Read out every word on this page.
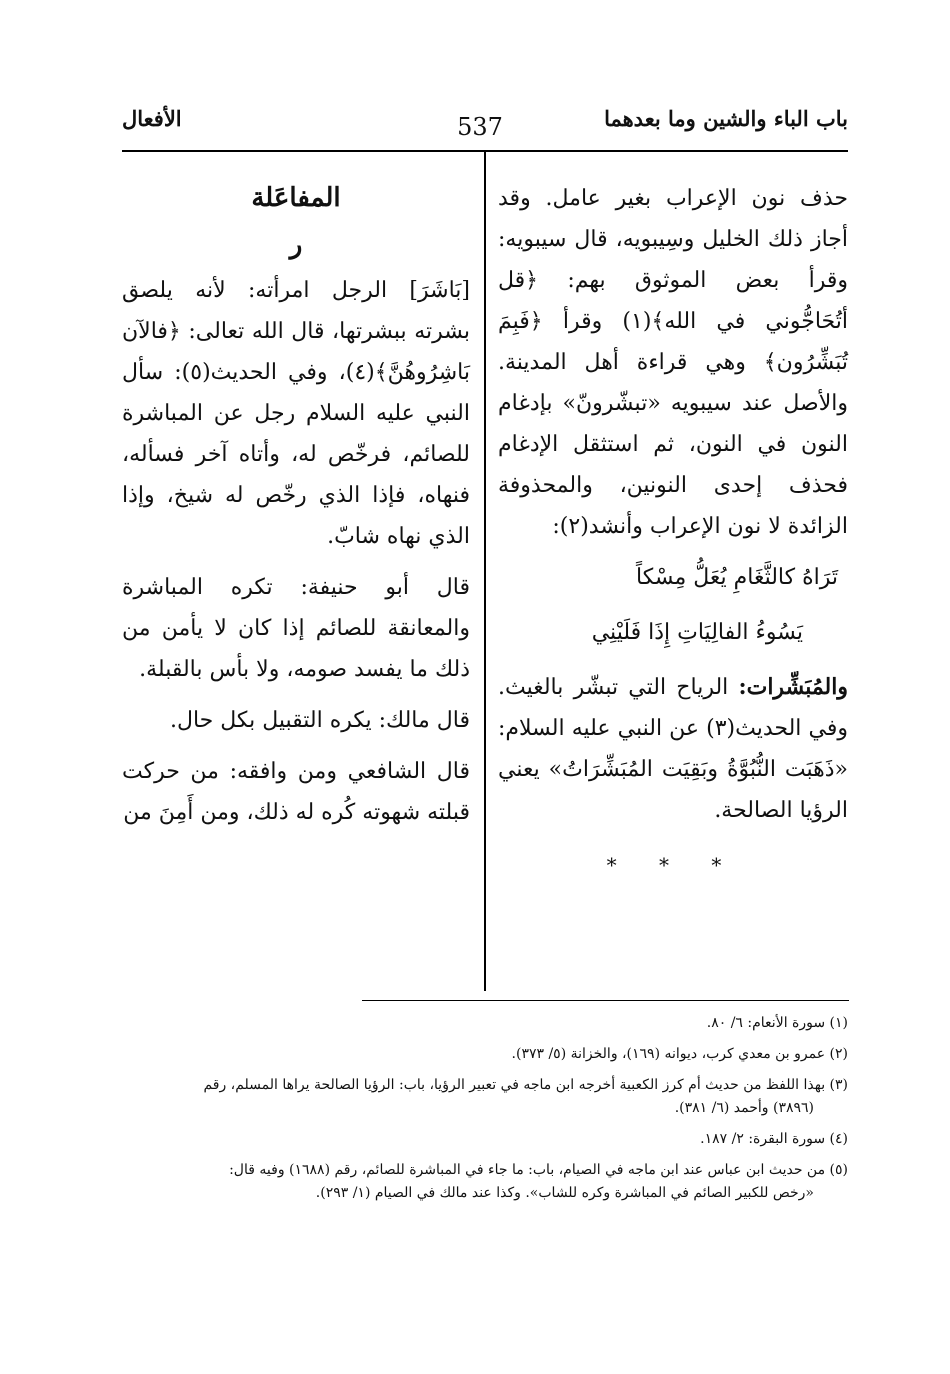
باب الباء والشين وما بعدهما
537
الأفعال

حذف نون الإعراب بغير عامل. وقد أجاز ذلك الخليل وسِيبويه، قال سيبويه: وقرأ بعض الموثوق بهم: ﴿قل أتُحَاجُّوني في الله﴾(١) وقرأ ﴿فَبِمَ تُبَشِّرُون﴾ وهي قراءة أهل المدينة. والأصل عند سيبويه «تبشّرونّ» بإدغام النون في النون، ثم استثقل الإدغام فحذف إحدى النونين، والمحذوفة الزائدة لا نون الإعراب وأنشد(٢):

تَرَاهُ كالثَّغَامِ يُعَلُّ مِسْكاً
يَسُوءُ الفالِيَاتِ إِذَا فَلَيْنِي

والمُبَشِّرات: الرياح التي تبشّر بالغيث. وفي الحديث(٣) عن النبي عليه السلام: «ذَهَبَت النُّبُوَّةُ وبَقِيَت المُبَشِّرَاتُ» يعني الرؤيا الصالحة.

* * *
المفاعَلة
ر

[بَاشَرَ] الرجل امرأته: لأنه يلصق بشرته ببشرتها، قال الله تعالى: ﴿فالآن بَاشِرُوهُنَّ﴾(٤)، وفي الحديث(٥): سأل النبي عليه السلام رجل عن المباشرة للصائم، فرخّص له، وأتاه آخر فسأله، فنهاه، فإذا الذي رخّص له شيخ، وإذا الذي نهاه شابّ.

قال أبو حنيفة: تكره المباشرة والمعانقة للصائم إذا كان لا يأمن من ذلك ما يفسد صومه، ولا بأس بالقبلة.

قال مالك: يكره التقبيل بكل حال.

قال الشافعي ومن وافقه: من حركت قبلته شهوته كُره له ذلك، ومن أَمِنَ من

(١) سورة الأنعام: ٦/ ٨٠.

(٢) عمرو بن معدي كرب، ديوانه (١٦٩)، والخزانة (٥/ ٣٧٣).

(٣) بهذا اللفظ من حديث أم كرز الكعبية أخرجه ابن ماجه في تعبير الرؤيا، باب: الرؤيا الصالحة يراها المسلم، رقم

(٣٨٩٦) وأحمد (٦/ ٣٨١).

(٤) سورة البقرة: ٢/ ١٨٧.

(٥) من حديث ابن عباس عند ابن ماجه في الصيام، باب: ما جاء في المباشرة للصائم، رقم (١٦٨٨) وفيه قال:

«رخص للكبير الصائم في المباشرة وكره للشاب». وكذا عند مالك في الصيام (١/ ٢٩٣).
